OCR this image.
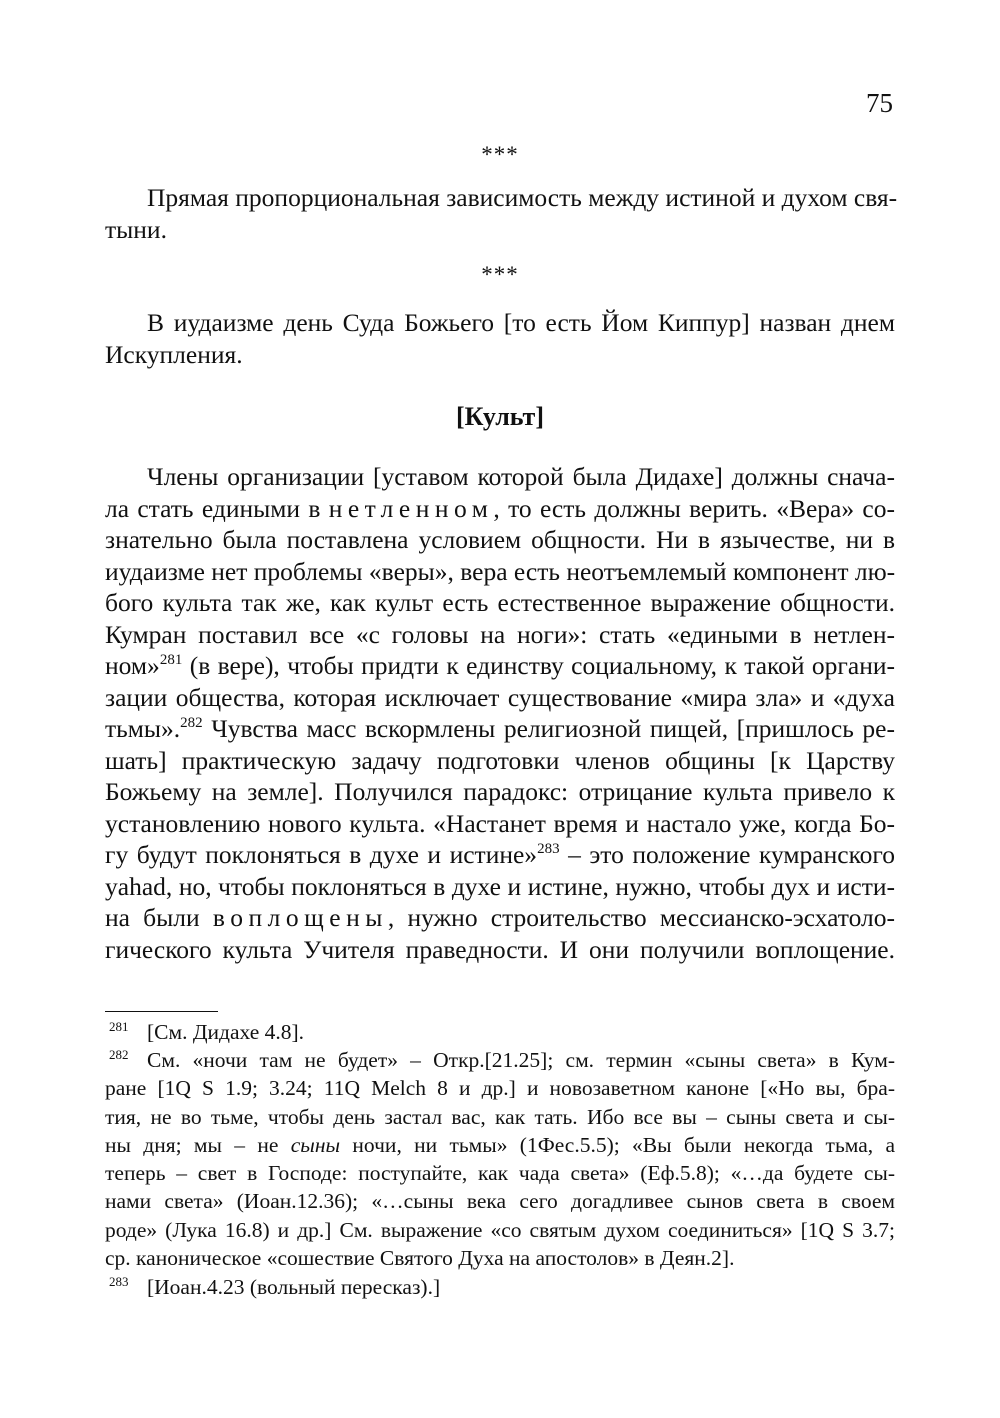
75
***
Прямая пропорциональная зависимость между истиной и духом свя-
тыни.
***
В иудаизме день Суда Божьего [то есть Йом Киппур] назван днем
Искупления.
[Культ]
Члены организации [уставом которой была Дидахе] должны снача-
ла стать едиными в нетленном, то есть должны верить. «Вера» со-
знательно была поставлена условием общности. Ни в язычестве, ни в
иудаизме нет проблемы «веры», вера есть неотъемлемый компонент лю-
бого культа так же, как культ есть естественное выражение общности.
Кумран поставил все «с головы на ноги»: стать «едиными в нетлен-
ном»$^{281}$ (в вере), чтобы придти к единству социальному, к такой органи-
зации общества, которая исключает существование «мира зла» и «духа
тьмы».$^{282}$ Чувства масс вскормлены религиозной пищей, [пришлось ре-
шать] практическую задачу подготовки членов общины [к Царству
Божьему на земле]. Получился парадокс: отрицание культа привело к
установлению нового культа. «Настанет время и настало уже, когда Бо-
гу будут поклоняться в духе и истине»$^{283}$ – это положение кумранского
yahad, но, чтобы поклоняться в духе и истине, нужно, чтобы дух и исти-
на были воплощены, нужно строительство мессианско-эсхатоло-
гического культа Учителя праведности. И они получили воплощение.
$^{281}$ [См. Дидахе 4.8].
$^{282}$ См. «ночи там не будет» – Откр.[21.25]; см. термин «сыны света» в Кум-
ране [1Q S 1.9; 3.24; 11Q Melch 8 и др.] и новозаветном каноне [«Но вы, бра-
тия, не во тьме, чтобы день застал вас, как тать. Ибо все вы – сыны света и сы-
ны дня; мы – не сыны ночи, ни тьмы» (1Фес.5.5); «Вы были некогда тьма, а
теперь – свет в Господе: поступайте, как чада света» (Еф.5.8); «…да будете сы-
нами света» (Иоан.12.36); «…сыны века сего догадливее сынов света в своем
роде» (Лука 16.8) и др.] См. выражение «со святым духом соединиться» [1Q S 3.7;
ср. каноническое «сошествие Святого Духа на апостолов» в Деян.2].
$^{283}$ [Иоан.4.23 (вольный пересказ).]
